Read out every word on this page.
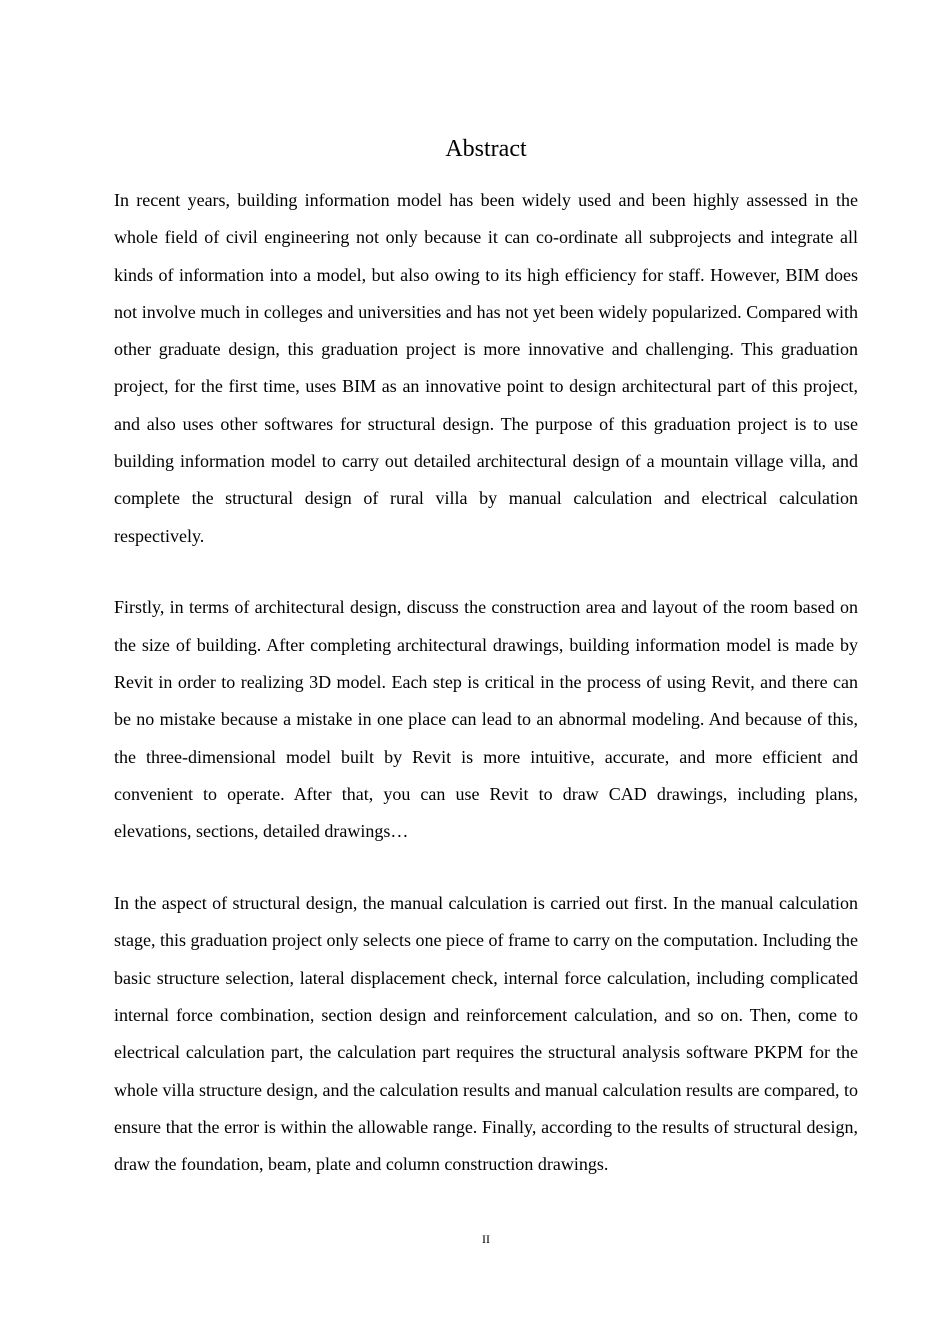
Abstract

In recent years, building information model has been widely used and been highly assessed in the whole field of civil engineering not only because it can co-ordinate all subprojects and integrate all kinds of information into a model, but also owing to its high efficiency for staff. However, BIM does not involve much in colleges and universities and has not yet been widely popularized. Compared with other graduate design, this graduation project is more innovative and challenging. This graduation project, for the first time, uses BIM as an innovative point to design architectural part of this project, and also uses other softwares for structural design. The purpose of this graduation project is to use building information model to carry out detailed architectural design of a mountain village villa, and complete the structural design of rural villa by manual calculation and electrical calculation respectively.

Firstly, in terms of architectural design, discuss the construction area and layout of the room based on the size of building. After completing architectural drawings, building information model is made by Revit in order to realizing 3D model. Each step is critical in the process of using Revit, and there can be no mistake because a mistake in one place can lead to an abnormal modeling. And because of this, the three-dimensional model built by Revit is more intuitive, accurate, and more efficient and convenient to operate. After that, you can use Revit to draw CAD drawings, including plans, elevations, sections, detailed drawings…

In the aspect of structural design, the manual calculation is carried out first. In the manual calculation stage, this graduation project only selects one piece of frame to carry on the computation. Including the basic structure selection, lateral displacement check, internal force calculation, including complicated internal force combination, section design and reinforcement calculation, and so on. Then, come to electrical calculation part, the calculation part requires the structural analysis software PKPM for the whole villa structure design, and the calculation results and manual calculation results are compared, to ensure that the error is within the allowable range. Finally, according to the results of structural design, draw the foundation, beam, plate and column construction drawings.

II
